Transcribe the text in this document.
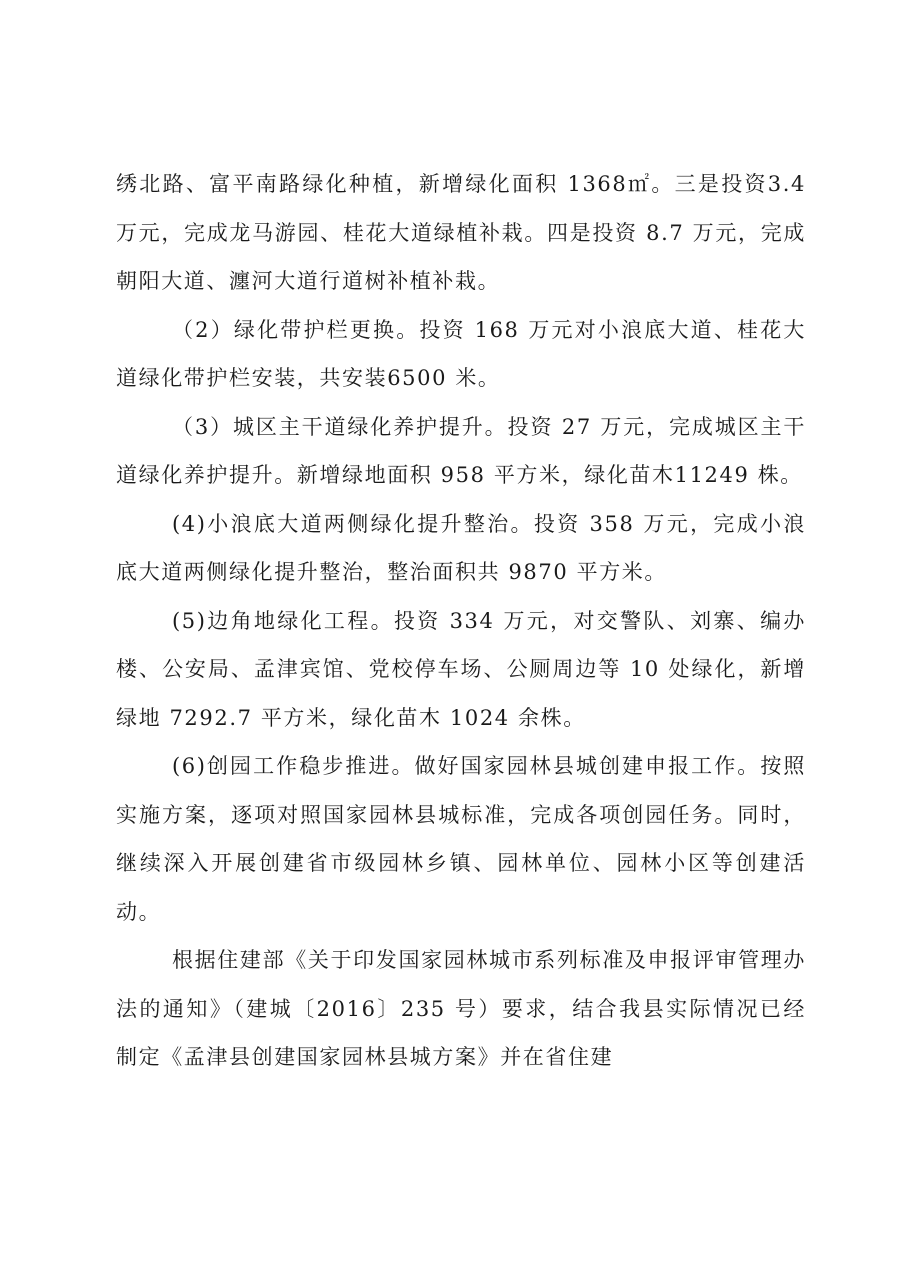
绣北路、富平南路绿化种植，新增绿化面积 1368㎡。三是投资3.4万元，完成龙马游园、桂花大道绿植补栽。四是投资 8.7 万元，完成朝阳大道、瀍河大道行道树补植补栽。

（2）绿化带护栏更换。投资 168 万元对小浪底大道、桂花大道绿化带护栏安装，共安装6500 米。

（3）城区主干道绿化养护提升。投资 27 万元，完成城区主干道绿化养护提升。新增绿地面积 958 平方米，绿化苗木11249 株。

(4)小浪底大道两侧绿化提升整治。投资 358 万元，完成小浪底大道两侧绿化提升整治，整治面积共 9870 平方米。

(5)边角地绿化工程。投资 334 万元，对交警队、刘寨、编办楼、公安局、孟津宾馆、党校停车场、公厕周边等 10 处绿化，新增绿地 7292.7 平方米，绿化苗木 1024 余株。

(6)创园工作稳步推进。做好国家园林县城创建申报工作。按照实施方案，逐项对照国家园林县城标准，完成各项创园任务。同时，继续深入开展创建省市级园林乡镇、园林单位、园林小区等创建活动。

根据住建部《关于印发国家园林城市系列标准及申报评审管理办法的通知》（建城〔2016〕235 号）要求，结合我县实际情况已经制定《孟津县创建国家园林县城方案》并在省住建
